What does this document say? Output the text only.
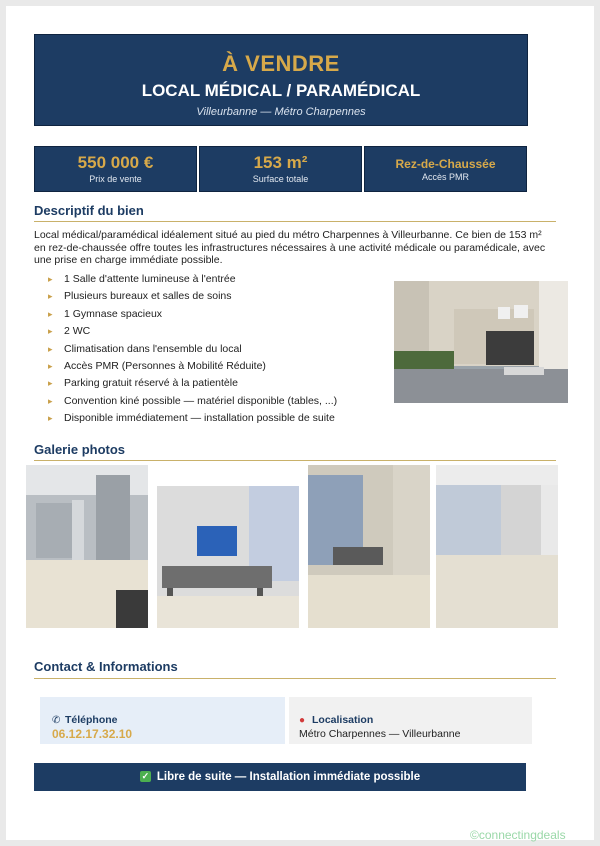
À VENDRE
LOCAL MÉDICAL / PARAMÉDICAL
Villeurbanne — Métro Charpennes
550 000 €
Prix de vente
153 m²
Surface totale
Rez-de-Chaussée
Accès PMR
Descriptif du bien
Local médical/paramédical idéalement situé au pied du métro Charpennes à Villeurbanne. Ce bien de 153 m² en rez-de-chaussée offre toutes les infrastructures nécessaires à une activité médicale ou paramédicale, avec une prise en charge immédiate possible.
▸ 1 Salle d'attente lumineuse à l'entrée
▸ Plusieurs bureaux et salles de soins
▸ 1 Gymnase spacieux
▸ 2 WC
▸ Climatisation dans l'ensemble du local
▸ Accès PMR (Personnes à Mobilité Réduite)
▸ Parking gratuit réservé à la patientèle
▸ Convention kiné possible — matériel disponible (tables, ...)
▸ Disponible immédiatement — installation possible de suite
Galerie photos
Contact & Informations
✆ Téléphone
06.12.17.32.10
● Localisation
Métro Charpennes — Villeurbanne
✓ Libre de suite — Installation immédiate possible
©connectingdeals
